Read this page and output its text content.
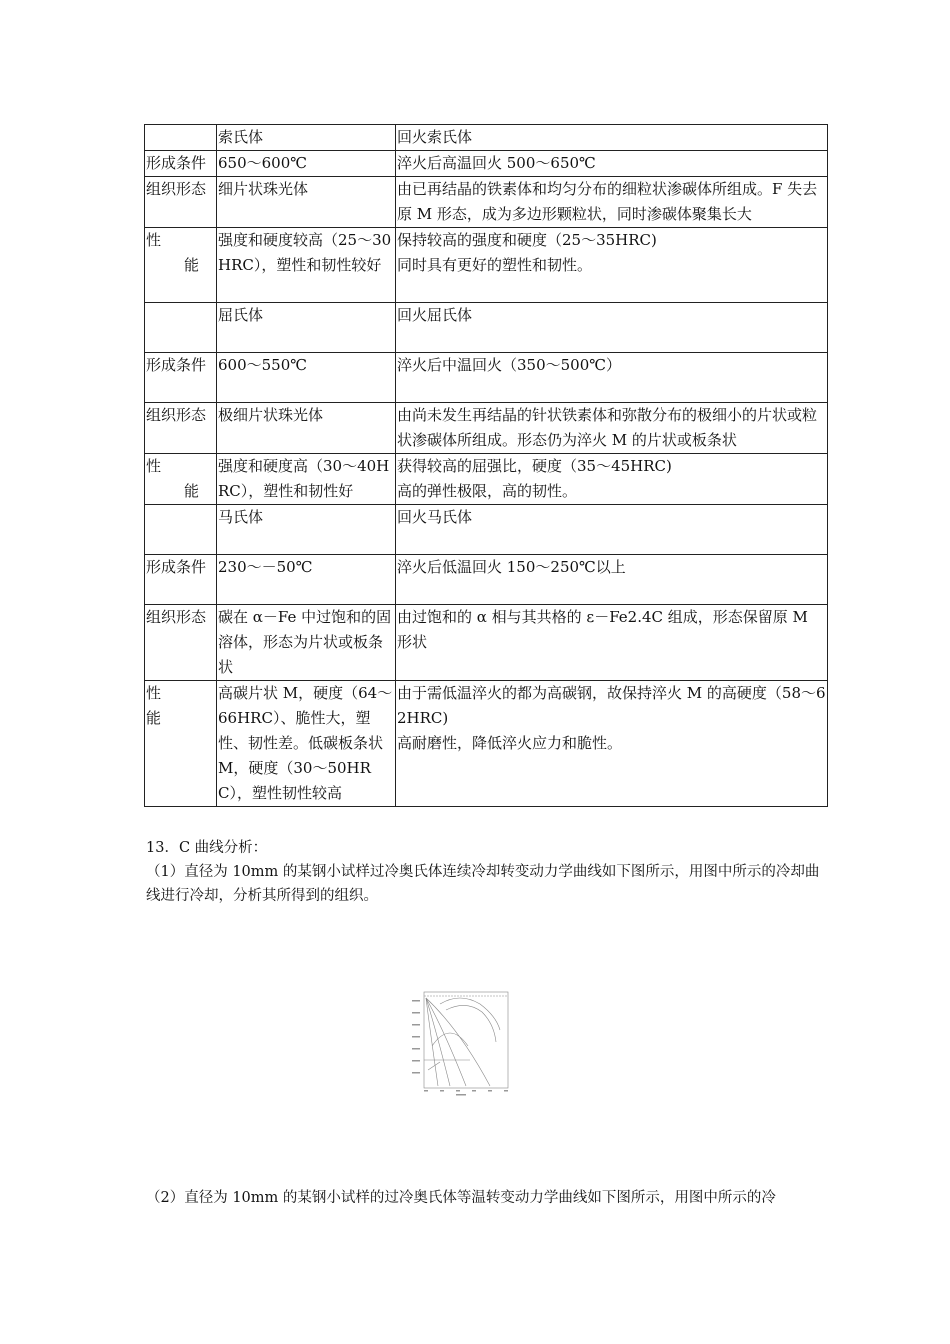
	索氏体	回火索氏体
形成条件	650～600℃	淬火后高温回火 500～650℃
组织形态	细片状珠光体	由已再结晶的铁素体和均匀分布的细粒状渗碳体所组成。F 失去原 M 形态，成为多边形颗粒状，同时渗碳体聚集长大

性
能	强度和硬度较高（25～30HRC），塑性和韧性较好	保持较高的强度和硬度（25～35HRC)
同时具有更好的塑性和韧性。

	屈氏体	回火屈氏体
形成条件	600～550℃	淬火后中温回火（350～500℃）
组织形态	极细片状珠光体	由尚未发生再结晶的针状铁素体和弥散分布的极细小的片状或粒状渗碳体所组成。形态仍为淬火 M 的片状或板条状

性
能	强度和硬度高（30～40HRC），塑性和韧性好	获得较高的屈强比，硬度（35～45HRC)
高的弹性极限，高的韧性。

	马氏体	回火马氏体
形成条件	230～－50℃	淬火后低温回火 150～250℃以上
组织形态	碳在 α－Fe 中过饱和的固溶体，形态为片状或板条状	由过饱和的 α 相与其共格的 ε－Fe2.4C 组成，形态保留原 M 形状

性
能	高碳片状 M，硬度（64～66HRC）、脆性大，塑性、韧性差。低碳板条状 M，硬度（30～50HRC），塑性韧性较高	由于需低温淬火的都为高碳钢，故保持淬火 M 的高硬度（58～62HRC)
高耐磨性，降低淬火应力和脆性。
13．C 曲线分析：
（1）直径为 10mm 的某钢小试样过冷奥氏体连续冷却转变动力学曲线如下图所示，用图中所示的冷却曲线进行冷却，分析其所得到的组织。
（2）直径为 10mm 的某钢小试样的过冷奥氏体等温转变动力学曲线如下图所示，用图中所示的冷
